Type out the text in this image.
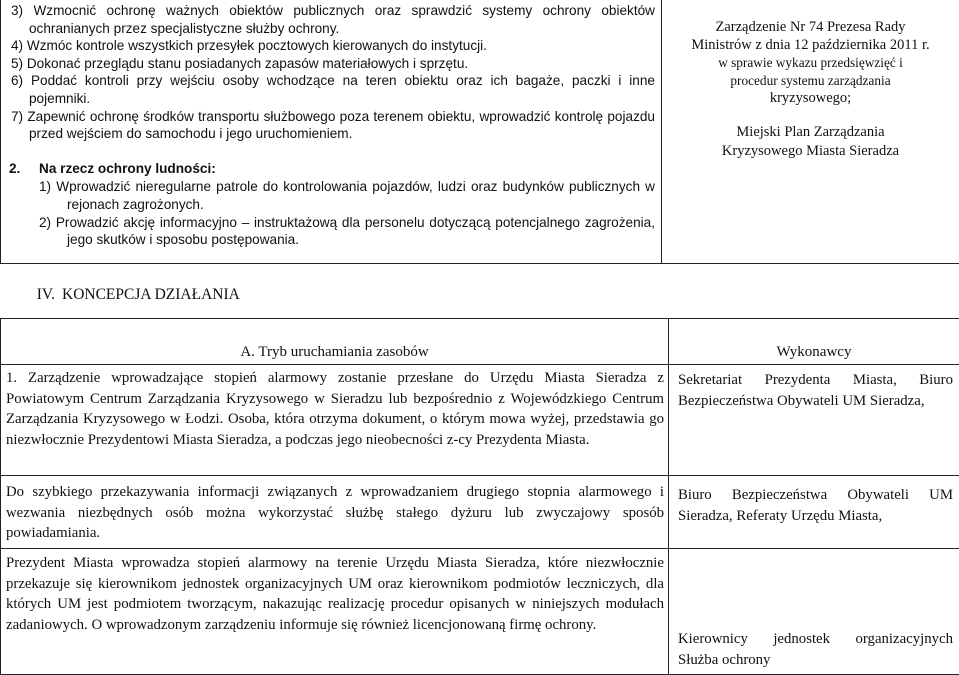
3) Wzmocnić ochronę ważnych obiektów publicznych oraz sprawdzić systemy ochrony obiektów ochranianych przez specjalistyczne służby ochrony.
4) Wzmóc kontrole wszystkich przesyłek pocztowych kierowanych do instytucji.
5) Dokonać przeglądu stanu posiadanych zapasów materiałowych i sprzętu.
6) Poddać kontroli przy wejściu osoby wchodzące na teren obiektu oraz ich bagaże, paczki i inne pojemniki.
7) Zapewnić ochronę środków transportu służbowego poza terenem obiektu, wprowadzić kontrolę pojazdu przed wejściem do samochodu i jego uruchomieniem.
2. Na rzecz ochrony ludności:
1) Wprowadzić nieregularne patrole do kontrolowania pojazdów, ludzi oraz budynków publicznych w rejonach zagrożonych.
2) Prowadzić akcję informacyjno – instruktażową dla personelu dotyczącą potencjalnego zagrożenia, jego skutków i sposobu postępowania.

Zarządzenie Nr 74 Prezesa Rady
Ministrów z dnia 12 października 2011 r.
w sprawie wykazu przedsięwzięć i procedur systemu zarządzania
kryzysowego;
Miejski Plan Zarządzania Kryzysowego Miasta Sieradza
IV. KONCEPCJA DZIAŁANIA
A. Tryb uruchamiania zasobów	Wykonawcy

1. Zarządzenie wprowadzające stopień alarmowy zostanie przesłane do Urzędu Miasta Sieradza z Powiatowym Centrum Zarządzania Kryzysowego w Sieradzu lub bezpośrednio z Wojewódzkiego Centrum Zarządzania Kryzysowego w Łodzi. Osoba, która otrzyma dokument, o którym mowa wyżej, przedstawia go niezwłocznie Prezydentowi Miasta Sieradza, a podczas jego nieobecności z-cy Prezydenta Miasta.	Sekretariat Prezydenta Miasta, Biuro Bezpieczeństwa Obywateli UM Sieradza,

Do szybkiego przekazywania informacji związanych z wprowadzaniem drugiego stopnia alarmowego i wezwania niezbędnych osób można wykorzystać służbę stałego dyżuru lub zwyczajowy sposób powiadamiania.	Biuro Bezpieczeństwa Obywateli UM Sieradza, Referaty Urzędu Miasta,

Prezydent Miasta wprowadza stopień alarmowy na terenie Urzędu Miasta Sieradza, które niezwłocznie przekazuje się kierownikom jednostek organizacyjnych UM oraz kierownikom podmiotów leczniczych, dla których UM jest podmiotem tworzącym, nakazując realizację procedur opisanych w niniejszych modułach zadaniowych. O wprowadzonym zarządzeniu informuje się również licencjonowaną firmę ochrony.	Kierownicy jednostek organizacyjnych Służba ochrony
